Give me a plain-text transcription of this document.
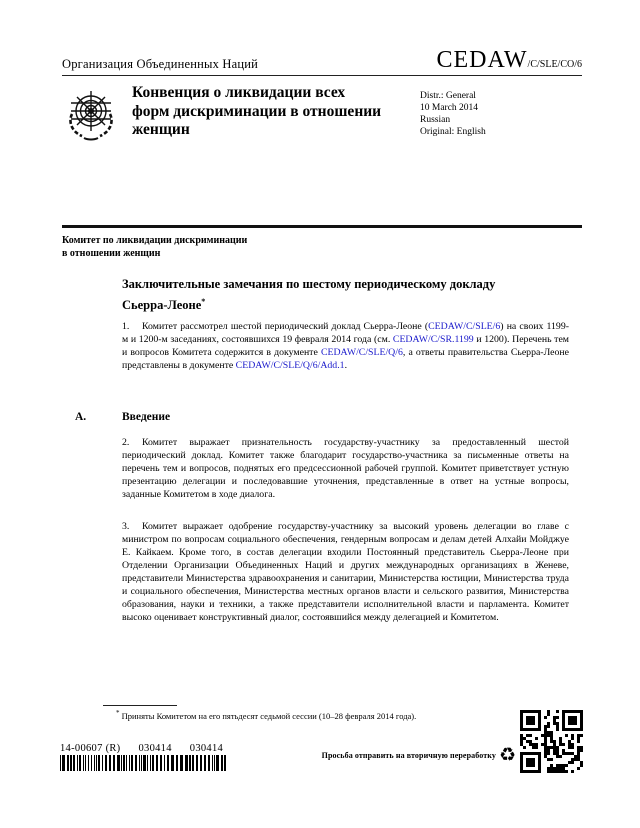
Организация Объединенных Наций	CEDAW/C/SLE/CO/6
Конвенция о ликвидации всех форм дискриминации в отношении женщин
Distr.: General
10 March 2014
Russian
Original: English
Комитет по ликвидации дискриминации
в отношении женщин
Заключительные замечания по шестому периодическому докладу Сьерра-Леоне*
1. Комитет рассмотрел шестой периодический доклад Сьерра-Леоне (CEDAW/C/SLE/6) на своих 1199-м и 1200-м заседаниях, состоявшихся 19 февраля 2014 года (см. CEDAW/C/SR.1199 и 1200). Перечень тем и вопросов Комитета содержится в документе CEDAW/C/SLE/Q/6, а ответы правительства Сьерра-Леоне представлены в документе CEDAW/C/SLE/Q/6/Add.1.
A.	Введение
2. Комитет выражает признательность государству-участнику за предоставленный шестой периодический доклад. Комитет также благодарит государство-участника за письменные ответы на перечень тем и вопросов, поднятых его предсессионной рабочей группой. Комитет приветствует устную презентацию делегации и последовавшие уточнения, представленные в ответ на устные вопросы, заданные Комитетом в ходе диалога.
3. Комитет выражает одобрение государству-участнику за высокий уровень делегации во главе с министром по вопросам социального обеспечения, гендерным вопросам и делам детей Алхайи Мойджуе Е. Кайкаем. Кроме того, в состав делегации входили Постоянный представитель Сьерра-Леоне при Отделении Организации Объединенных Наций и других международных организациях в Женеве, представители Министерства здравоохранения и санитарии, Министерства юстиции, Министерства труда и социального обеспечения, Министерства местных органов власти и сельского развития, Министерства образования, науки и техники, а также представители исполнительной власти и парламента. Комитет высоко оценивает конструктивный диалог, состоявшийся между делегацией и Комитетом.
* Приняты Комитетом на его пятьдесят седьмой сессии (10–28 февраля 2014 года).
14-00607 (R) 030414 030414
Просьба отправить на вторичную переработку ♻
